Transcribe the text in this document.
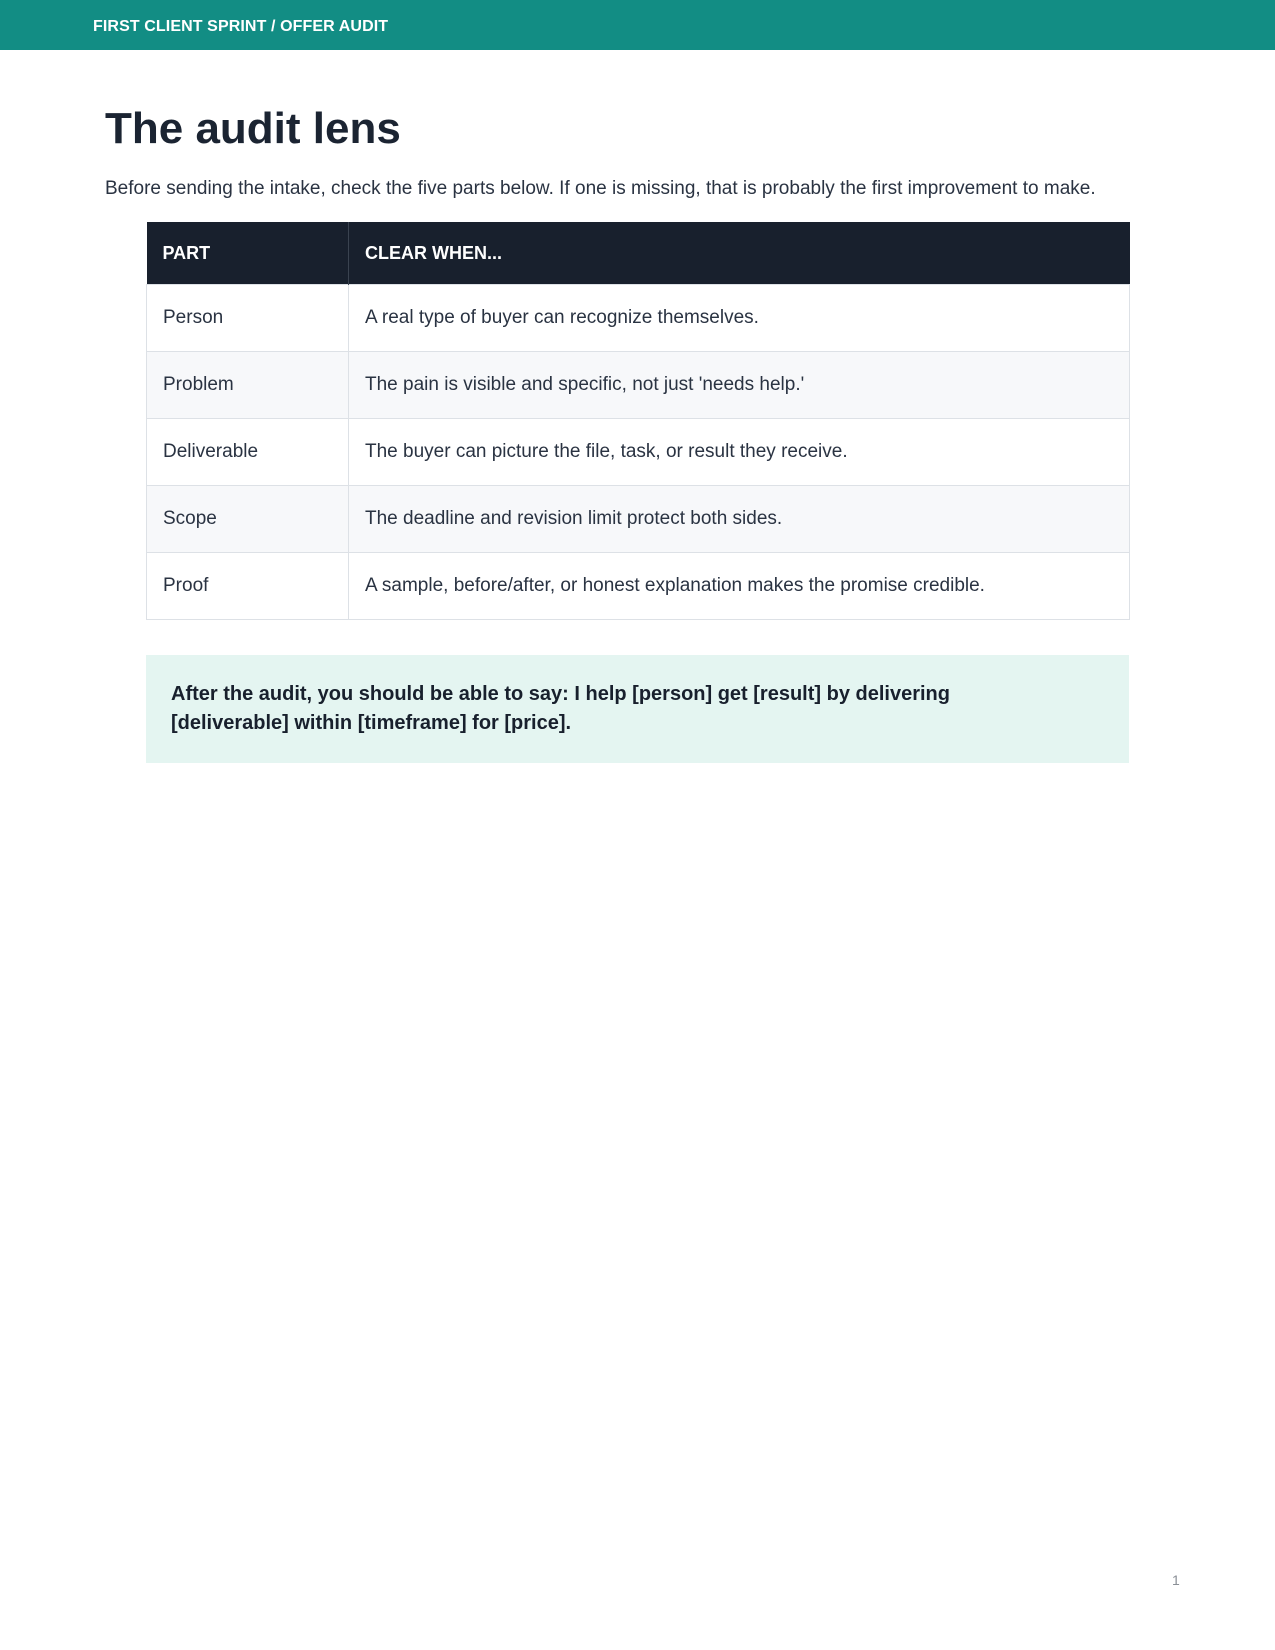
FIRST CLIENT SPRINT / OFFER AUDIT
The audit lens

Before sending the intake, check the five parts below. If one is missing, that is probably the first improvement to make.

PART	CLEAR WHEN...
Person	A real type of buyer can recognize themselves.
Problem	The pain is visible and specific, not just 'needs help.'
Deliverable	The buyer can picture the file, task, or result they receive.
Scope	The deadline and revision limit protect both sides.
Proof	A sample, before/after, or honest explanation makes the promise credible.

After the audit, you should be able to say: I help [person] get [result] by delivering [deliverable] within [timeframe] for [price].

1
